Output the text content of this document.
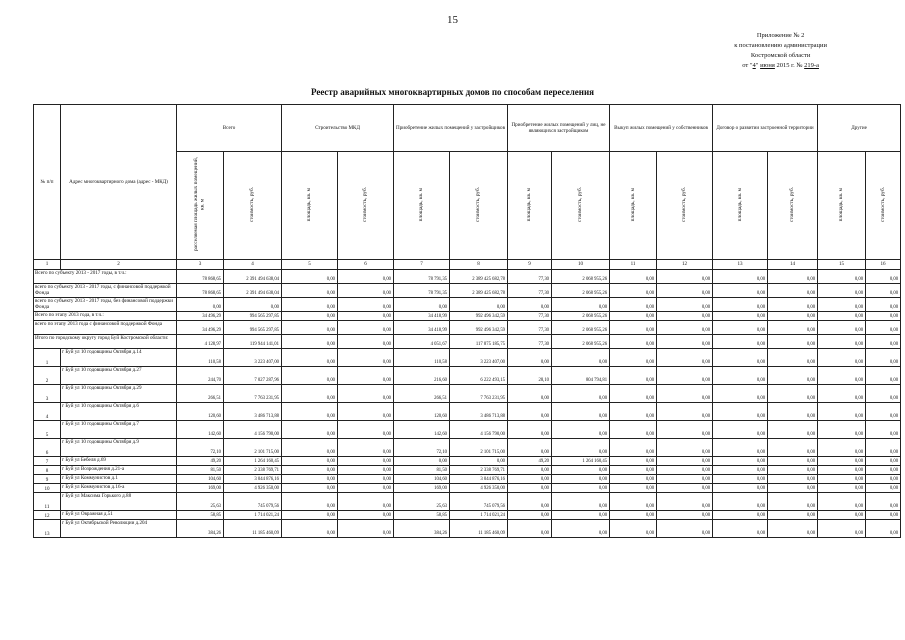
15
Приложение № 2
к постановлению администрации
Костромской области
от "4" июня 2015 г. № 219-а
Реестр аварийных многоквартирных домов по способам переселения
№ п/п	Адрес многоквартирного дома (адрес - МКД)	Всего		Строительство МКД		Приобретение жилых помещений у застройщиков		Приобретение жилых помещений у лиц, не являющихся застройщиком		Выкуп жилых помещений у собственников		Договор о развитии застроенной территории		Другие	
		расселяемая площадь жилых помещений, кв. м	стоимость, руб.	площадь, кв. м	стоимость, руб.	площадь, кв. м	стоимость, руб.	площадь, кв. м	стоимость, руб.	площадь, кв. м	стоимость, руб.	площадь, кв. м	стоимость, руб.	площадь, кв. м	стоимость, руб.
1	2	3	4	5	6	7	8	9	10	11	12	13	14	15	16
Всего по субъекту 2013 - 2017 годы, в т.ч.:		78 868,65	2 391 494 638,04	0,00	0,00	78 791,35	2 389 425 682,78	77,30	2 068 955,26	0,00	0,00	0,00	0,00	0,00	0,00
всего по субъекту 2013 - 2017 годы, с финансовой поддержкой Фонда		78 868,65	2 391 494 638,04	0,00	0,00	78 791,35	2 389 425 682,78	77,30	2 068 955,26	0,00	0,00	0,00	0,00	0,00	0,00
всего по субъекту 2013 - 2017 годы, без финансовой поддержки Фонда		0,00	0,00	0,00	0,00	0,00	0,00	0,00	0,00	0,00	0,00	0,00	0,00	0,00	0,00
Всего по этапу 2013 года, в т.ч.:		34 496,29	994 565 297,85	0,00	0,00	34 418,99	992 496 342,59	77,30	2 068 955,26	0,00	0,00	0,00	0,00	0,00	0,00
всего по этапу 2013 года с финансовой поддержкой Фонда		34 496,29	994 565 297,85	0,00	0,00	34 418,99	992 496 342,59	77,30	2 068 955,26	0,00	0,00	0,00	0,00	0,00	0,00
Итого по городскому округу город Буй Костромской области:		4 128,97	119 944 141,01	0,00	0,00	4 051,67	117 875 185,75	77,30	2 068 955,26	0,00	0,00	0,00	0,00	0,00	0,00
1	г Буй ул 10 годовщины Октября д.14	110,58	3 223 407,00	0,00	0,00	110,58	3 223 407,00	0,00	0,00	0,00	0,00	0,00	0,00	0,00	0,00
2	г Буй ул 10 годовщины Октября д.27	244,70	7 027 287,96	0,00	0,00	216,60	6 222 493,15	28,10	804 794,81	0,00	0,00	0,00	0,00	0,00	0,00
3	г Буй ул 10 годовщины Октября д.29	266,51	7 763 231,95	0,00	0,00	266,51	7 763 231,95	0,00	0,00	0,00	0,00	0,00	0,00	0,00	0,00
4	г Буй ул 10 годовщины Октября д.6	120,60	3 486 713,88	0,00	0,00	120,60	3 486 713,88	0,00	0,00	0,00	0,00	0,00	0,00	0,00	0,00
5	г Буй ул 10 годовщины Октября д.7	142,60	4 156 790,00	0,00	0,00	142,60	4 156 790,00	0,00	0,00	0,00	0,00	0,00	0,00	0,00	0,00
6	г Буй ул 10 годовщины Октября д.9	72,10	2 101 715,00	0,00	0,00	72,10	2 101 715,00	0,00	0,00	0,00	0,00	0,00	0,00	0,00	0,00
7	г Буй ул Бебеля д.69	49,20	1 264 160,45	0,00	0,00	0,00	0,00	49,20	1 264 160,45	0,00	0,00	0,00	0,00	0,00	0,00
8	г Буй ул Возрождения д.21-а	81,50	2 338 769,71	0,00	0,00	81,50	2 338 769,71	0,00	0,00	0,00	0,00	0,00	0,00	0,00	0,00
9	г Буй ул Коммунистов д.1	104,60	3 044 876,16	0,00	0,00	104,60	3 044 876,16	0,00	0,00	0,00	0,00	0,00	0,00	0,00	0,00
10	г Буй ул Коммунистов д.16-а	169,00	4 926 350,00	0,00	0,00	169,00	4 926 350,00	0,00	0,00	0,00	0,00	0,00	0,00	0,00	0,00
11	г Буй ул Максима Горького д.88	25,63	745 079,56	0,00	0,00	25,63	745 079,56	0,00	0,00	0,00	0,00	0,00	0,00	0,00	0,00
12	г Буй ул Овражная д.51	58,85	1 714 021,24	0,00	0,00	58,85	1 714 021,24	0,00	0,00	0,00	0,00	0,00	0,00	0,00	0,00
13	г Буй ул Октябрьской Революции д.204	384,26	11 185 460,09	0,00	0,00	384,26	11 185 460,09	0,00	0,00	0,00	0,00	0,00	0,00	0,00	0,00
